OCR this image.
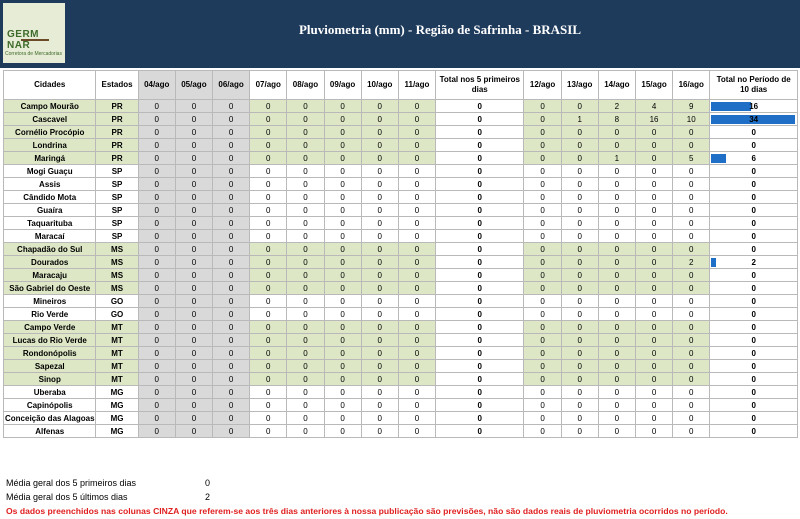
GERM NAR
Corretora de Mercadorias
Pluviometria (mm) - Região de Safrinha - BRASIL
Cidades	Estados	04/ago	05/ago	06/ago	07/ago	08/ago	09/ago	10/ago	11/ago	Total nos 5 primeiros dias	12/ago	13/ago	14/ago	15/ago	16/ago	Total no Período de 10 dias
Campo Mourão	PR	0	0	0	0	0	0	0	0	0	0	0	2	4	9	16
Cascavel	PR	0	0	0	0	0	0	0	0	0	0	1	8	16	10	34
Cornélio Procópio	PR	0	0	0	0	0	0	0	0	0	0	0	0	0	0	0
Londrina	PR	0	0	0	0	0	0	0	0	0	0	0	0	0	0	0
Maringá	PR	0	0	0	0	0	0	0	0	0	0	0	1	0	5	6
Mogi Guaçu	SP	0	0	0	0	0	0	0	0	0	0	0	0	0	0	0
Assis	SP	0	0	0	0	0	0	0	0	0	0	0	0	0	0	0
Cândido Mota	SP	0	0	0	0	0	0	0	0	0	0	0	0	0	0	0
Guaíra	SP	0	0	0	0	0	0	0	0	0	0	0	0	0	0	0
Taquarituba	SP	0	0	0	0	0	0	0	0	0	0	0	0	0	0	0
Maracaí	SP	0	0	0	0	0	0	0	0	0	0	0	0	0	0	0
Chapadão do Sul	MS	0	0	0	0	0	0	0	0	0	0	0	0	0	0	0
Dourados	MS	0	0	0	0	0	0	0	0	0	0	0	0	0	2	2
Maracaju	MS	0	0	0	0	0	0	0	0	0	0	0	0	0	0	0
São Gabriel do Oeste	MS	0	0	0	0	0	0	0	0	0	0	0	0	0	0	0
Mineiros	GO	0	0	0	0	0	0	0	0	0	0	0	0	0	0	0
Rio Verde	GO	0	0	0	0	0	0	0	0	0	0	0	0	0	0	0
Campo Verde	MT	0	0	0	0	0	0	0	0	0	0	0	0	0	0	0
Lucas do Rio Verde	MT	0	0	0	0	0	0	0	0	0	0	0	0	0	0	0
Rondonópolis	MT	0	0	0	0	0	0	0	0	0	0	0	0	0	0	0
Sapezal	MT	0	0	0	0	0	0	0	0	0	0	0	0	0	0	0
Sinop	MT	0	0	0	0	0	0	0	0	0	0	0	0	0	0	0
Uberaba	MG	0	0	0	0	0	0	0	0	0	0	0	0	0	0	0
Capinópolis	MG	0	0	0	0	0	0	0	0	0	0	0	0	0	0	0
Conceição das Alagoas	MG	0	0	0	0	0	0	0	0	0	0	0	0	0	0	0
Alfenas	MG	0	0	0	0	0	0	0	0	0	0	0	0	0	0	0
Média geral dos 5 primeiros dias	0
Média geral dos 5 últimos dias	2
Os dados preenchidos nas colunas CINZA que referem-se aos três dias anteriores à nossa publicação são previsões, não são dados reais de pluviometria ocorridos no período.
